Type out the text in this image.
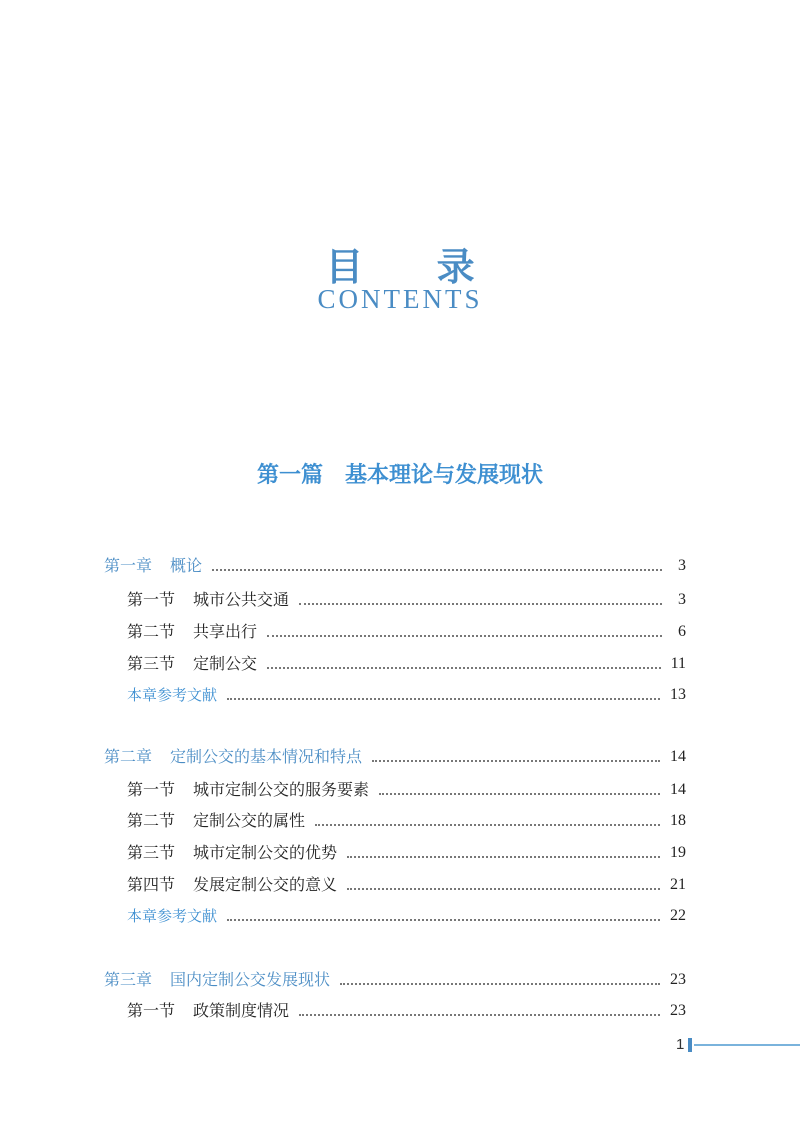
目 录
CONTENTS
第一篇　基本理论与发展现状
第一章 概论	3
第一节 城市公共交通	3
第二节 共享出行	6
第三节 定制公交	11
本章参考文献	13
第二章 定制公交的基本情况和特点	14
第一节 城市定制公交的服务要素	14
第二节 定制公交的属性	18
第三节 城市定制公交的优势	19
第四节 发展定制公交的意义	21
本章参考文献	22
第三章 国内定制公交发展现状	23
第一节 政策制度情况	23
1
